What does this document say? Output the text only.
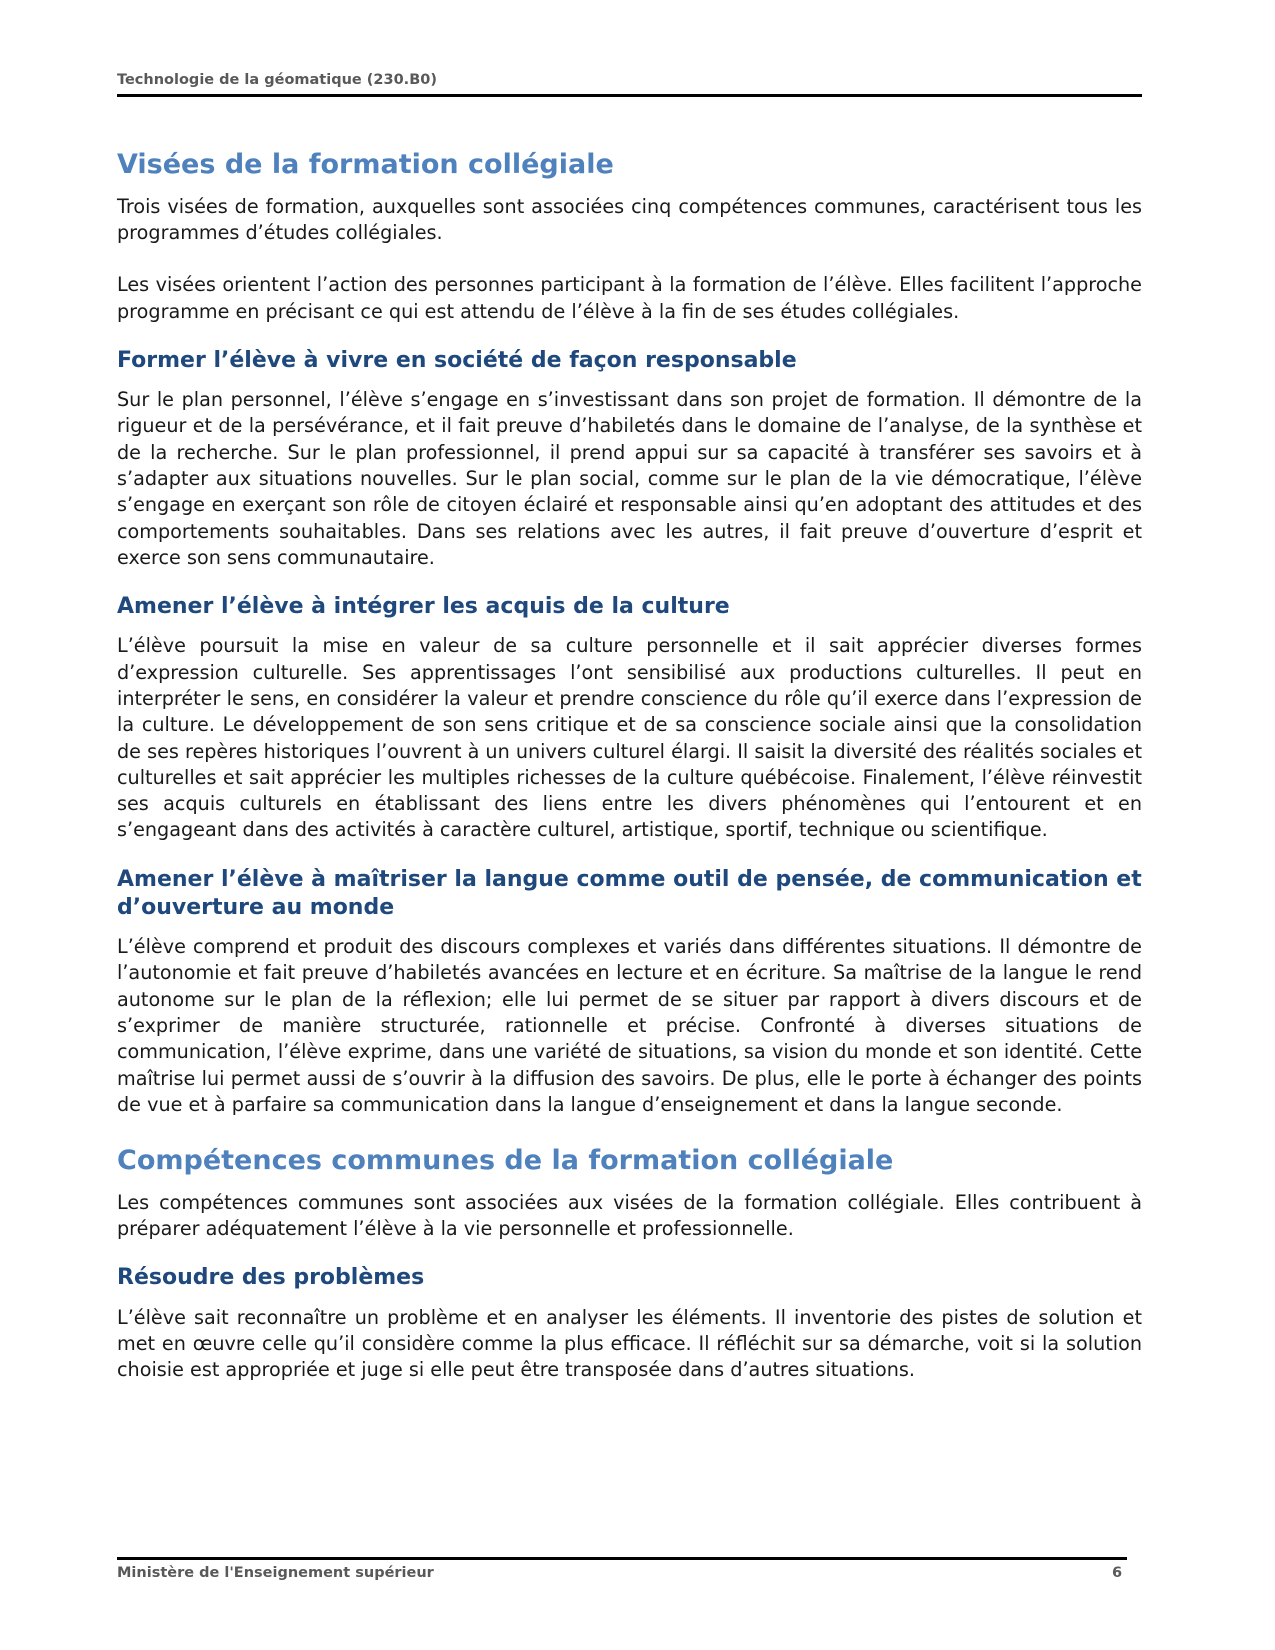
Technologie de la géomatique (230.B0)
Visées de la formation collégiale

Trois visées de formation, auxquelles sont associées cinq compétences communes, caractérisent tous les programmes d’études collégiales.

Les visées orientent l’action des personnes participant à la formation de l’élève. Elles facilitent l’approche programme en précisant ce qui est attendu de l’élève à la fin de ses études collégiales.

Former l’élève à vivre en société de façon responsable

Sur le plan personnel, l’élève s’engage en s’investissant dans son projet de formation. Il démontre de la rigueur et de la persévérance, et il fait preuve d’habiletés dans le domaine de l’analyse, de la synthèse et de la recherche. Sur le plan professionnel, il prend appui sur sa capacité à transférer ses savoirs et à s’adapter aux situations nouvelles. Sur le plan social, comme sur le plan de la vie démocratique, l’élève s’engage en exerçant son rôle de citoyen éclairé et responsable ainsi qu’en adoptant des attitudes et des comportements souhaitables. Dans ses relations avec les autres, il fait preuve d’ouverture d’esprit et exerce son sens communautaire.

Amener l’élève à intégrer les acquis de la culture

L’élève poursuit la mise en valeur de sa culture personnelle et il sait apprécier diverses formes d’expression culturelle. Ses apprentissages l’ont sensibilisé aux productions culturelles. Il peut en interpréter le sens, en considérer la valeur et prendre conscience du rôle qu’il exerce dans l’expression de la culture. Le développement de son sens critique et de sa conscience sociale ainsi que la consolidation de ses repères historiques l’ouvrent à un univers culturel élargi. Il saisit la diversité des réalités sociales et culturelles et sait apprécier les multiples richesses de la culture québécoise. Finalement, l’élève réinvestit ses acquis culturels en établissant des liens entre les divers phénomènes qui l’entourent et en s’engageant dans des activités à caractère culturel, artistique, sportif, technique ou scientifique.

Amener l’élève à maîtriser la langue comme outil de pensée, de communication et d’ouverture au monde

L’élève comprend et produit des discours complexes et variés dans différentes situations. Il démontre de l’autonomie et fait preuve d’habiletés avancées en lecture et en écriture. Sa maîtrise de la langue le rend autonome sur le plan de la réflexion; elle lui permet de se situer par rapport à divers discours et de s’exprimer de manière structurée, rationnelle et précise. Confronté à diverses situations de communication, l’élève exprime, dans une variété de situations, sa vision du monde et son identité. Cette maîtrise lui permet aussi de s’ouvrir à la diffusion des savoirs. De plus, elle le porte à échanger des points de vue et à parfaire sa communication dans la langue d’enseignement et dans la langue seconde.

Compétences communes de la formation collégiale

Les compétences communes sont associées aux visées de la formation collégiale. Elles contribuent à préparer adéquatement l’élève à la vie personnelle et professionnelle.

Résoudre des problèmes

L’élève sait reconnaître un problème et en analyser les éléments. Il inventorie des pistes de solution et met en œuvre celle qu’il considère comme la plus efficace. Il réfléchit sur sa démarche, voit si la solution choisie est appropriée et juge si elle peut être transposée dans d’autres situations.

Ministère de l'Enseignement supérieur	6
